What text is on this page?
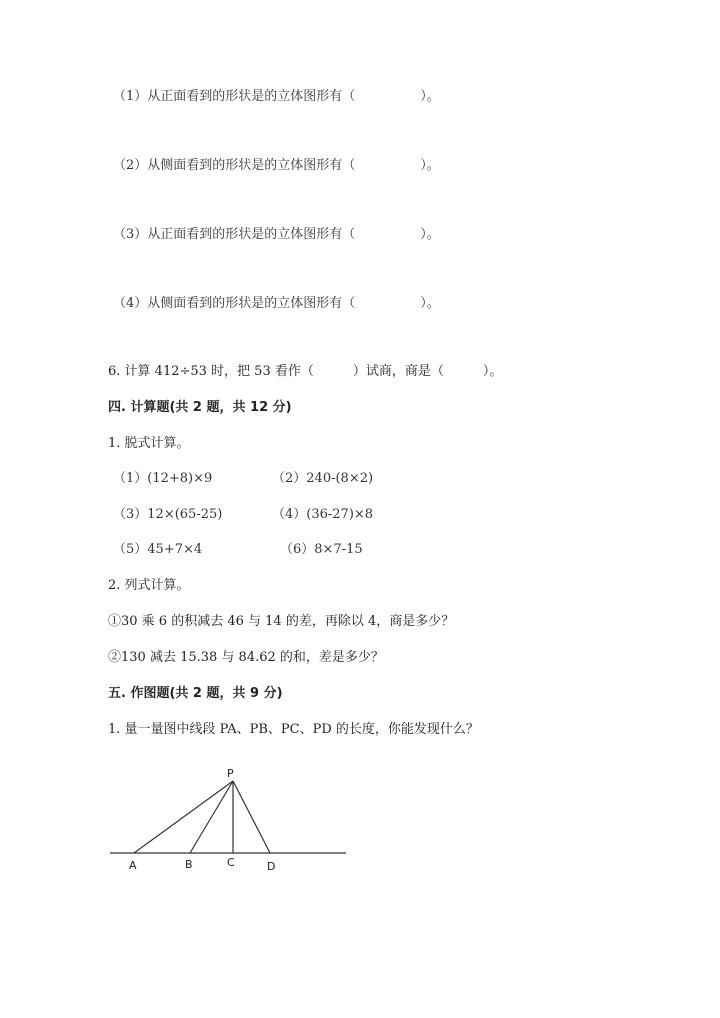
（1）从正面看到的形状是的立体图形有（　　　　　）。
（2）从侧面看到的形状是的立体图形有（　　　　　）。
（3）从正面看到的形状是的立体图形有（　　　　　）。
（4）从侧面看到的形状是的立体图形有（　　　　　）。
6. 计算 412÷53 时，把 53 看作（　　　）试商，商是（　　　）。
四. 计算题(共 2 题，共 12 分)
1. 脱式计算。
（1）(12+8)×9	（2）240-(8×2)
（3）12×(65-25)	（4）(36-27)×8
（5）45+7×4	（6）8×7-15
2. 列式计算。
①30 乘 6 的积减去 46 与 14 的差，再除以 4，商是多少？
②130 减去 15.38 与 84.62 的和，差是多少？
五. 作图题(共 2 题，共 9 分)
1. 量一量图中线段 PA、PB、PC、PD 的长度，你能发现什么？
P
A	B	C	D
